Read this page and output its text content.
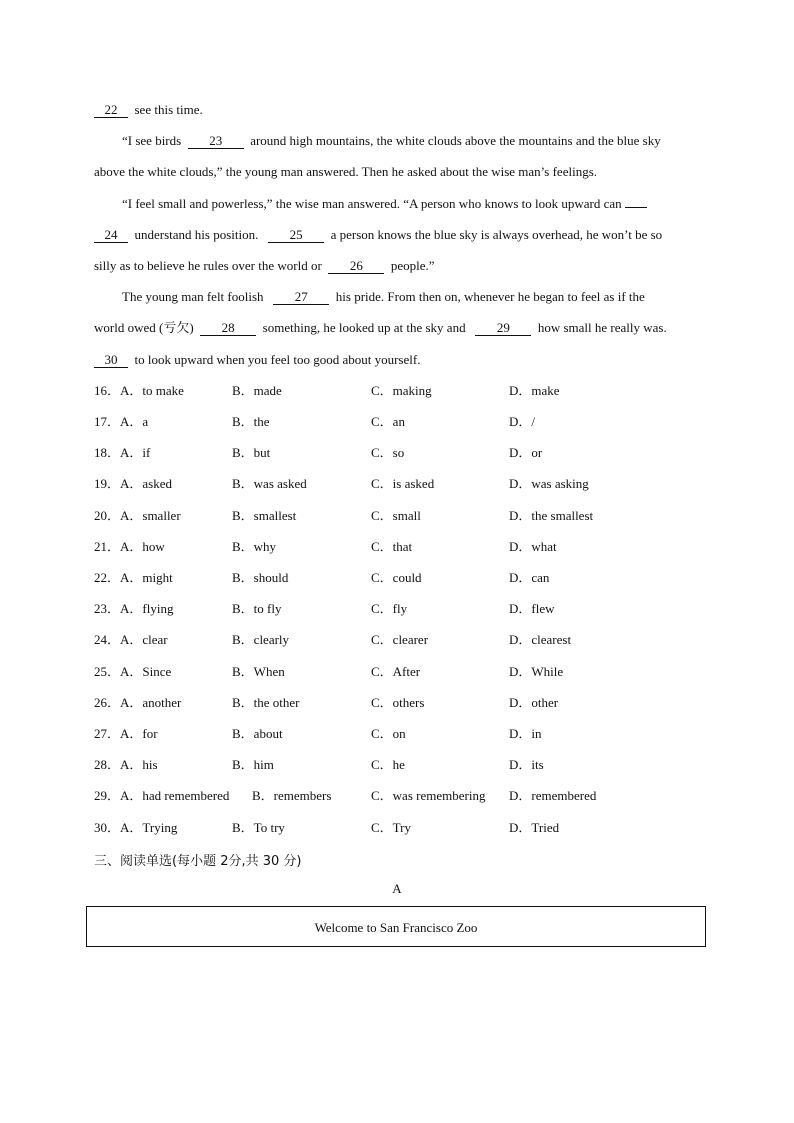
22 see this time.
“I see birds 23 around high mountains, the white clouds above the mountains and the blue sky
above the white clouds,” the young man answered. Then he asked about the wise man’s feelings.
“I feel small and powerless,” the wise man answered. “A person who knows to look upward can
24 understand his position. 25 a person knows the blue sky is always overhead, he won’t be so
silly as to believe he rules over the world or 26 people.”
The young man felt foolish 27 his pride. From then on, whenever he began to feel as if the
world owed (亏欠) 28 something, he looked up at the sky and 29 how small he really was.
30 to look upward when you feel too good about yourself.
16．A．to make	B．made	C．making	D．make
17．A．a	B．the	C．an	D．/
18．A．if	B．but	C．so	D．or
19．A．asked	B．was asked	C．is asked	D．was asking
20．A．smaller	B．smallest	C．small	D．the smallest
21．A．how	B．why	C．that	D．what
22．A．might	B．should	C．could	D．can
23．A．flying	B．to fly	C．fly	D．flew
24．A．clear	B．clearly	C．clearer	D．clearest
25．A．Since	B．When	C．After	D．While
26．A．another	B．the other	C．others	D．other
27．A．for	B．about	C．on	D．in
28．A．his	B．him	C．he	D．its
29．A．had remembered B．remembers	C．was remembering D．remembered
30．A．Trying	B．To try	C．Try	D．Tried
三、阅读单选(每小题 2分,共 30 分)
A
Welcome to San Francisco Zoo
